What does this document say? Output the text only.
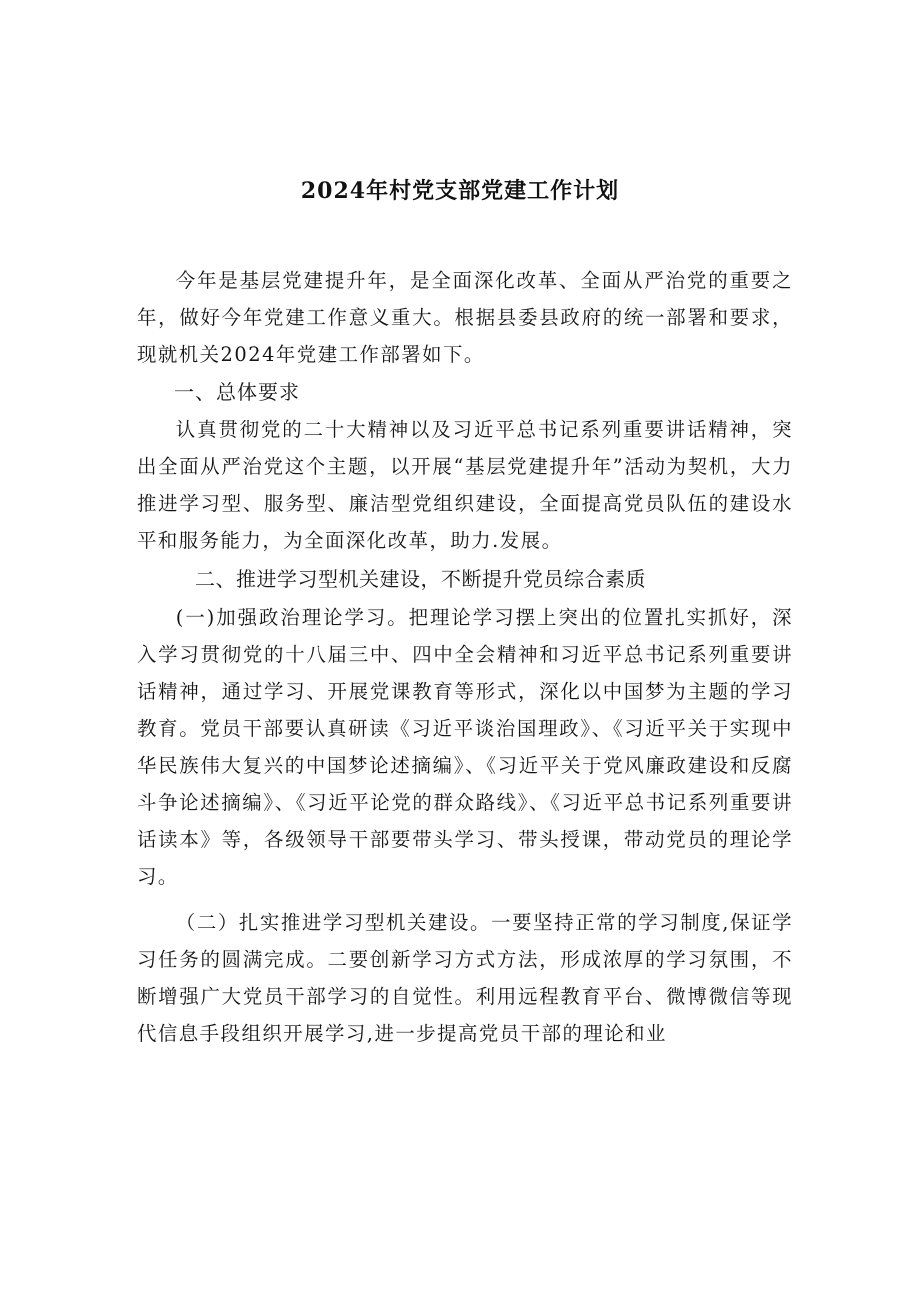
2024年村党支部党建工作计划

今年是基层党建提升年，是全面深化改革、全面从严治党的重要之年，做好今年党建工作意义重大。根据县委县政府的统一部署和要求，现就机关2024年党建工作部署如下。

一、总体要求

认真贯彻党的二十大精神以及习近平总书记系列重要讲话精神，突出全面从严治党这个主题，以开展“基层党建提升年”活动为契机，大力推进学习型、服务型、廉洁型党组织建设，全面提高党员队伍的建设水平和服务能力，为全面深化改革，助力.发展。

二、推进学习型机关建设，不断提升党员综合素质

(一)加强政治理论学习。把理论学习摆上突出的位置扎实抓好，深入学习贯彻党的十八届三中、四中全会精神和习近平总书记系列重要讲话精神，通过学习、开展党课教育等形式，深化以中国梦为主题的学习教育。党员干部要认真研读《习近平谈治国理政》、《习近平关于实现中华民族伟大复兴的中国梦论述摘编》、《习近平关于党风廉政建设和反腐斗争论述摘编》、《习近平论党的群众路线》、《习近平总书记系列重要讲话读本》等，各级领导干部要带头学习、带头授课，带动党员的理论学习。

（二）扎实推进学习型机关建设。一要坚持正常的学习制度,保证学习任务的圆满完成。二要创新学习方式方法，形成浓厚的学习氛围，不断增强广大党员干部学习的自觉性。利用远程教育平台、微博微信等现代信息手段组织开展学习,进一步提高党员干部的理论和业
